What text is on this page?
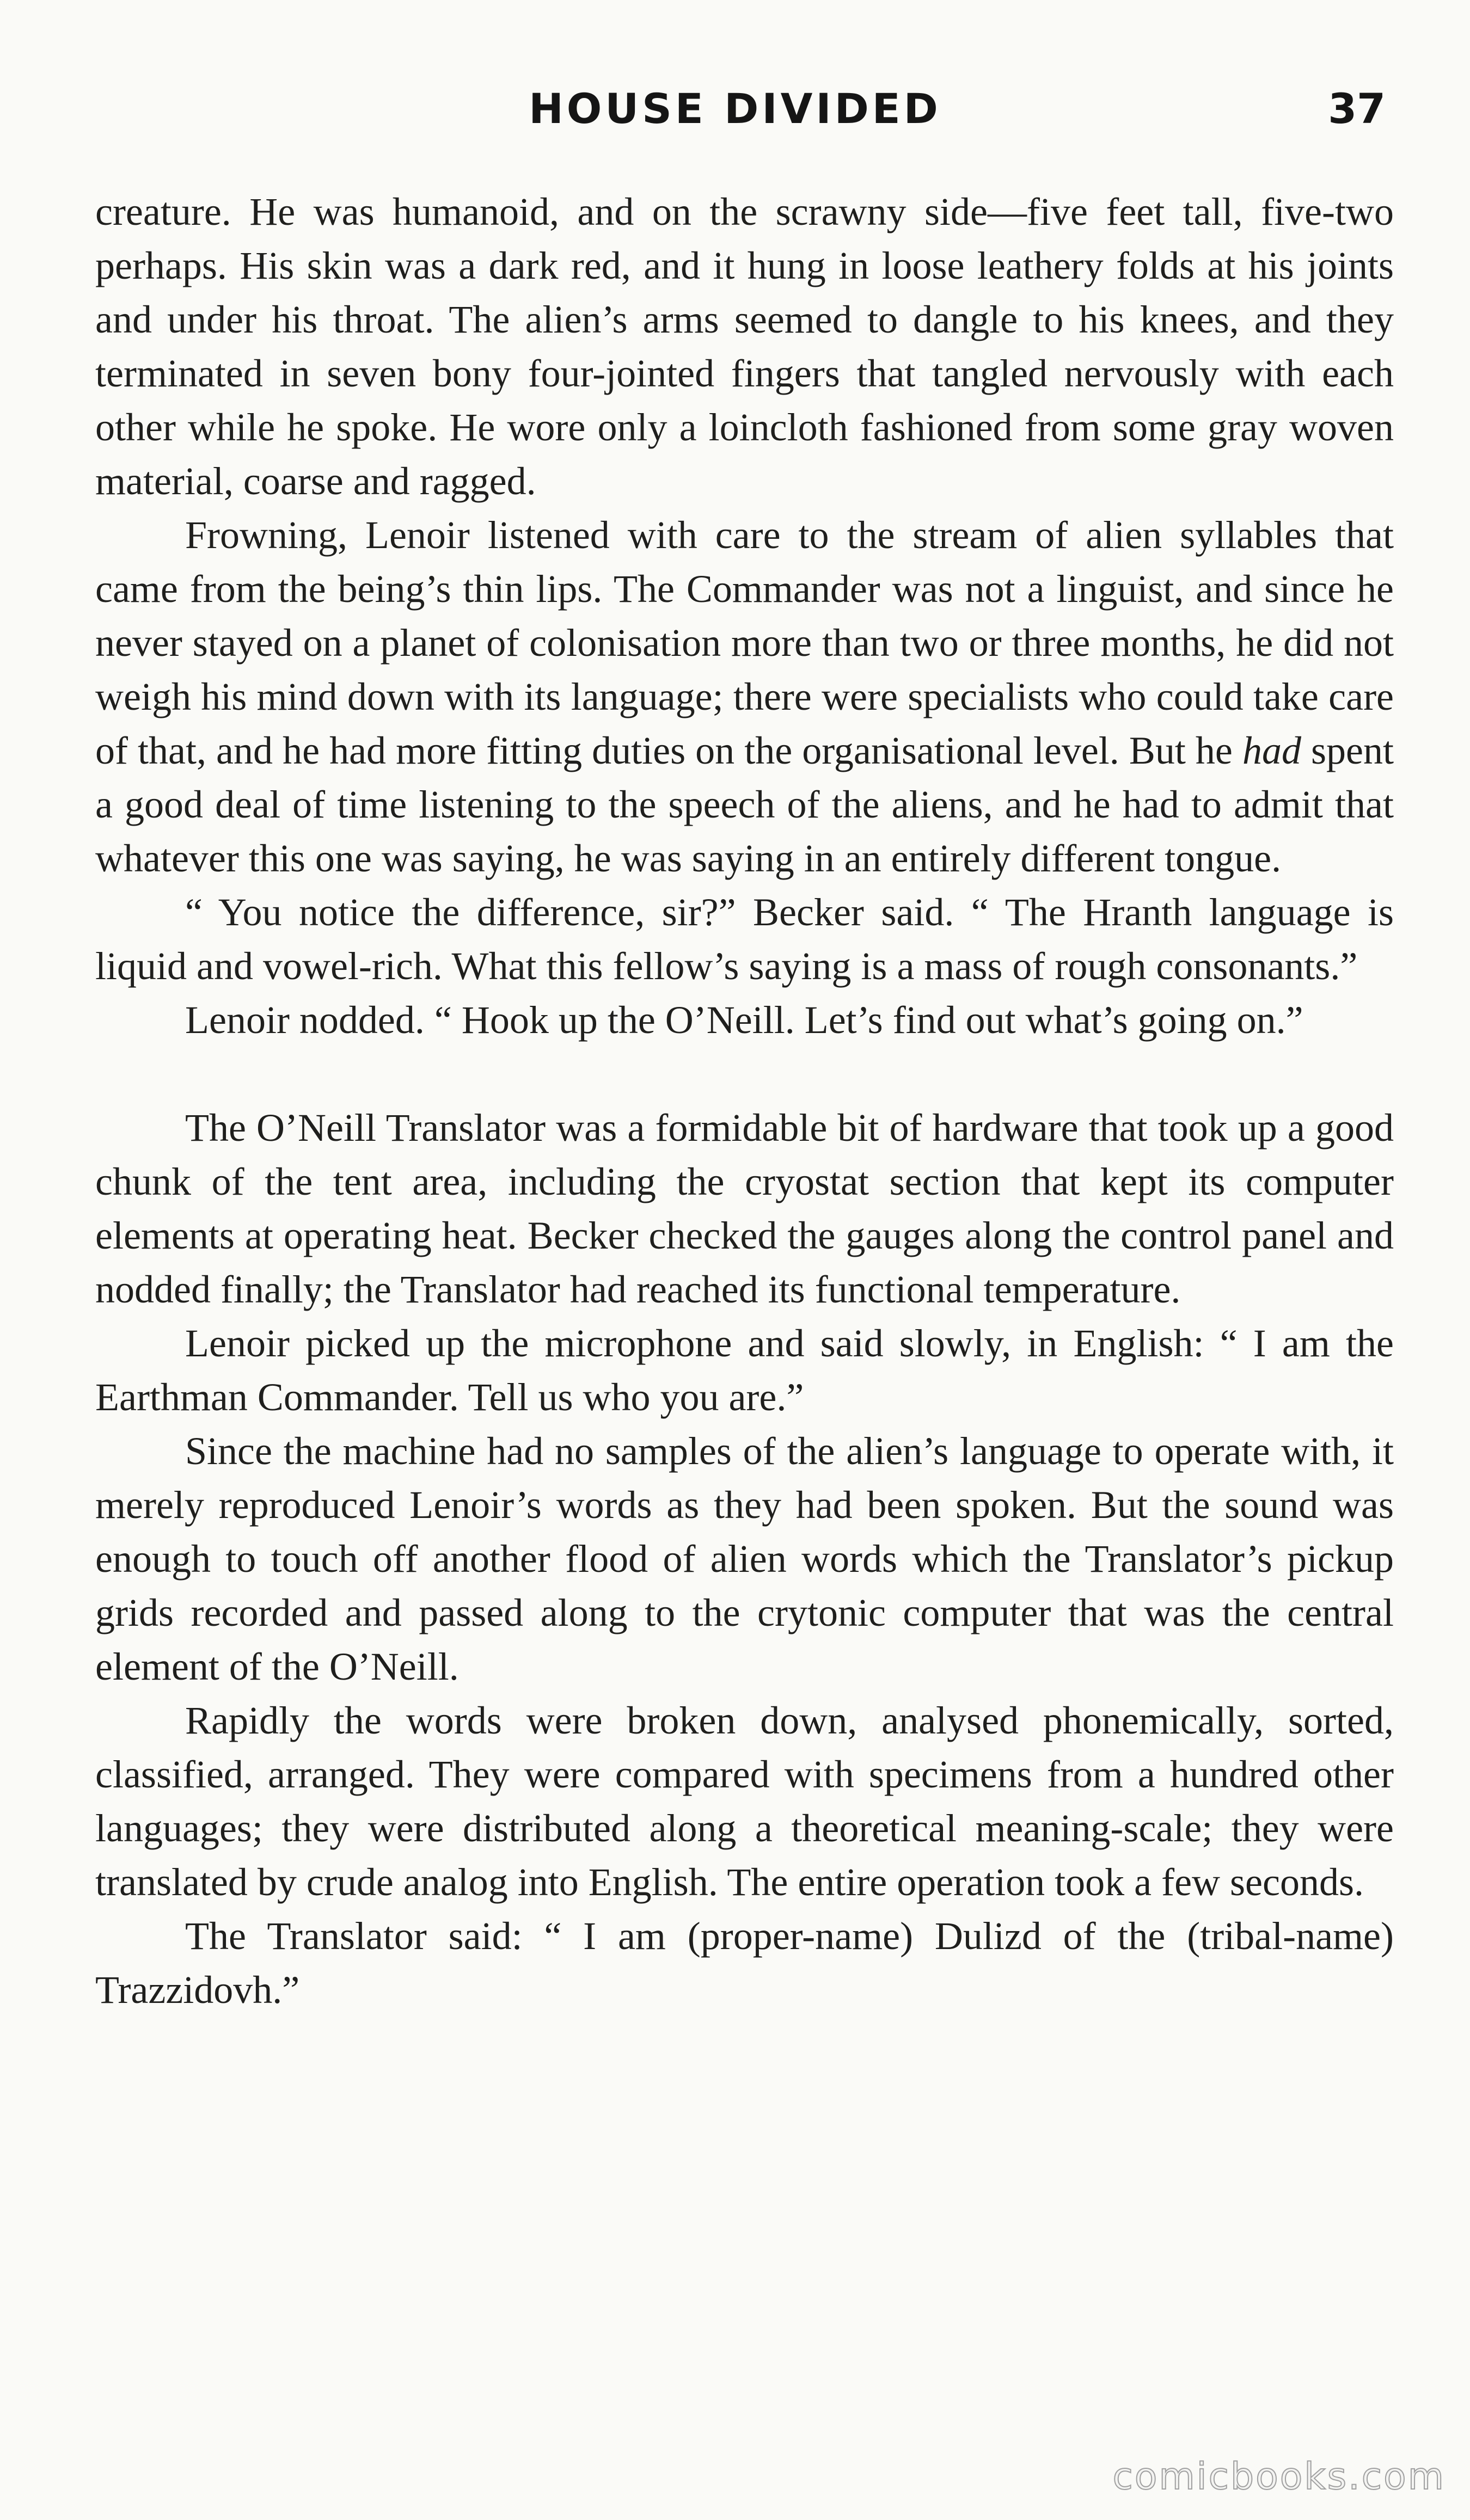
HOUSE DIVIDED	37

creature. He was humanoid, and on the scrawny side—five feet tall, five-two perhaps. His skin was a dark red, and it hung in loose leathery folds at his joints and under his throat. The alien’s arms seemed to dangle to his knees, and they terminated in seven bony four-jointed fingers that tangled nervously with each other while he spoke. He wore only a loincloth fashioned from some gray woven material, coarse and ragged.

Frowning, Lenoir listened with care to the stream of alien syllables that came from the being’s thin lips. The Commander was not a linguist, and since he never stayed on a planet of colonisation more than two or three months, he did not weigh his mind down with its language; there were specialists who could take care of that, and he had more fitting duties on the organisational level. But he had spent a good deal of time listening to the speech of the aliens, and he had to admit that whatever this one was saying, he was saying in an entirely different tongue.

“ You notice the difference, sir?” Becker said. “ The Hranth language is liquid and vowel-rich. What this fellow’s saying is a mass of rough consonants.”

Lenoir nodded. “ Hook up the O’Neill. Let’s find out what’s going on.”

The O’Neill Translator was a formidable bit of hardware that took up a good chunk of the tent area, including the cryostat section that kept its computer elements at operating heat. Becker checked the gauges along the control panel and nodded finally; the Translator had reached its functional temperature.

Lenoir picked up the microphone and said slowly, in English: “ I am the Earthman Commander. Tell us who you are.”

Since the machine had no samples of the alien’s language to operate with, it merely reproduced Lenoir’s words as they had been spoken. But the sound was enough to touch off another flood of alien words which the Translator’s pickup grids recorded and passed along to the crytonic computer that was the central element of the O’Neill.

Rapidly the words were broken down, analysed phonemically, sorted, classified, arranged. They were compared with specimens from a hundred other languages; they were distributed along a theoretical meaning-scale; they were translated by crude analog into English. The entire operation took a few seconds.

The Translator said: “ I am (proper-name) Dulizd of the (tribal-name) Trazzidovh.”

comicbooks.com
